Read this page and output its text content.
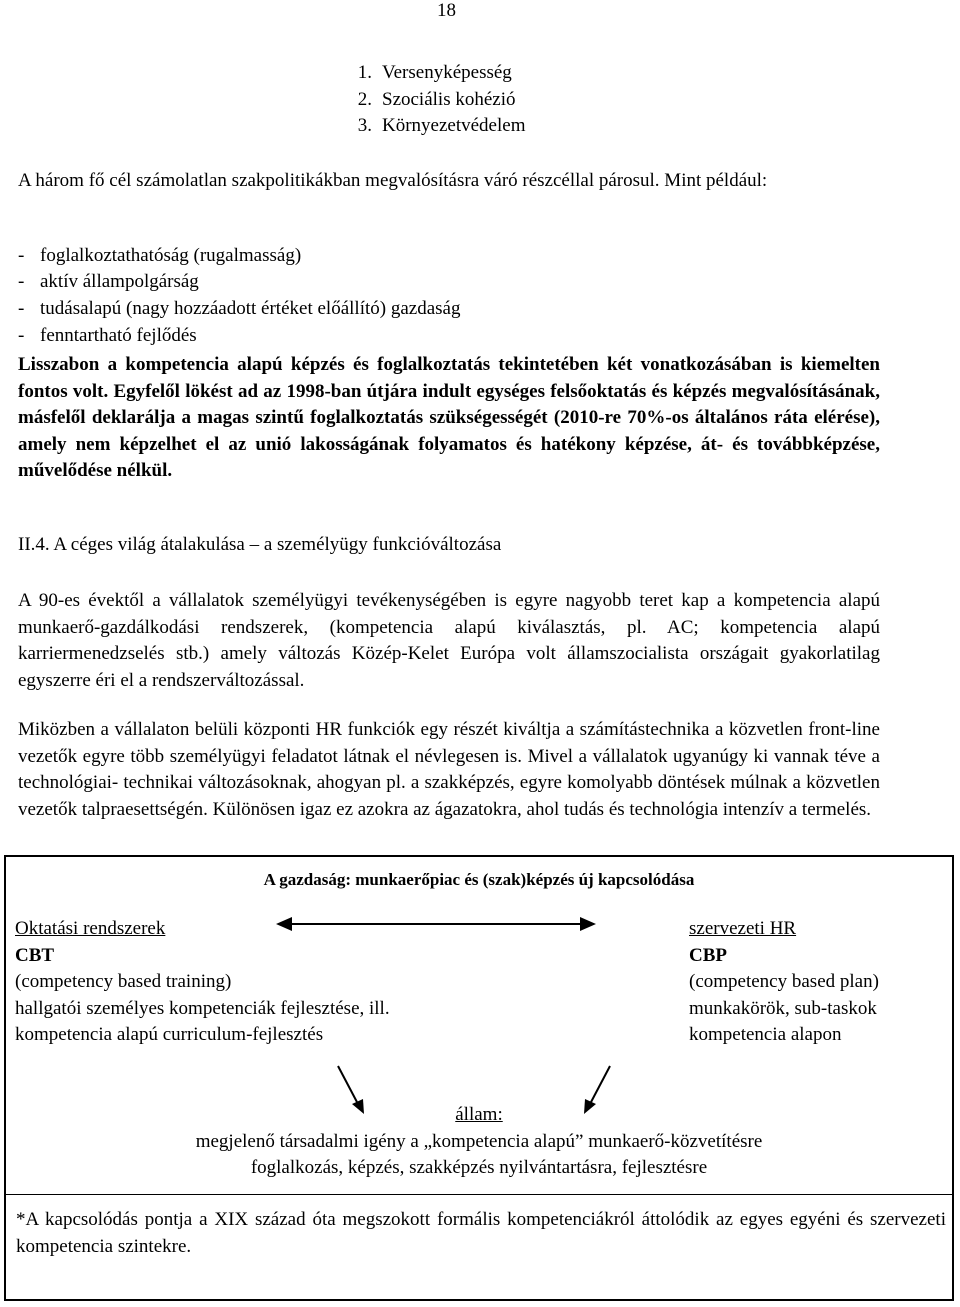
18
1. Versenyképesség
2. Szociális kohézió
3. Környezetvédelem
A három fő cél számolatlan szakpolitikákban megvalósításra váró részcéllal párosul. Mint például:
- foglalkoztathatóság (rugalmasság)
- aktív állampolgárság
- tudásalapú (nagy hozzáadott értéket előállító) gazdaság
- fenntartható fejlődés
Lisszabon a kompetencia alapú képzés és foglalkoztatás tekintetében két vonatkozásában is kiemelten fontos volt. Egyfelől lökést ad az 1998-ban útjára indult egységes felsőoktatás és képzés megvalósításának, másfelől deklarálja a magas szintű foglalkoztatás szükségességét (2010-re 70%-os általános ráta elérése), amely nem képzelhet el az unió lakosságának folyamatos és hatékony képzése, át- és továbbképzése, művelődése nélkül.
II.4. A céges világ átalakulása – a személyügy funkcióváltozása
A 90-es évektől a vállalatok személyügyi tevékenységében is egyre nagyobb teret kap a kompetencia alapú munkaerő-gazdálkodási rendszerek, (kompetencia alapú kiválasztás, pl. AC; kompetencia alapú karriermenedzselés stb.) amely változás Közép-Kelet Európa volt államszocialista országait gyakorlatilag egyszerre éri el a rendszerváltozással.
Miközben a vállalaton belüli központi HR funkciók egy részét kiváltja a számítástechnika a közvetlen front-line vezetők egyre több személyügyi feladatot látnak el névlegesen is. Mivel a vállalatok ugyanúgy ki vannak téve a technológiai- technikai változásoknak, ahogyan pl. a szakképzés, egyre komolyabb döntések múlnak a közvetlen vezetők talpraesettségén. Különösen igaz ez azokra az ágazatokra, ahol tudás és technológia intenzív a termelés.
A gazdaság: munkaerőpiac és (szak)képzés új kapcsolódása
Oktatási rendszerek
CBT
(competency based training)
hallgatói személyes kompetenciák fejlesztése, ill.
kompetencia alapú curriculum-fejlesztés
szervezeti HR
CBP
(competency based plan)
munkakörök, sub-taskok
kompetencia alapon
állam:
megjelenő társadalmi igény a „kompetencia alapú” munkaerő-közvetítésre
foglalkozás, képzés, szakképzés nyilvántartásra, fejlesztésre
*A kapcsolódás pontja a XIX század óta megszokott formális kompetenciákról áttolódik az egyes egyéni és szervezeti kompetencia szintekre.
